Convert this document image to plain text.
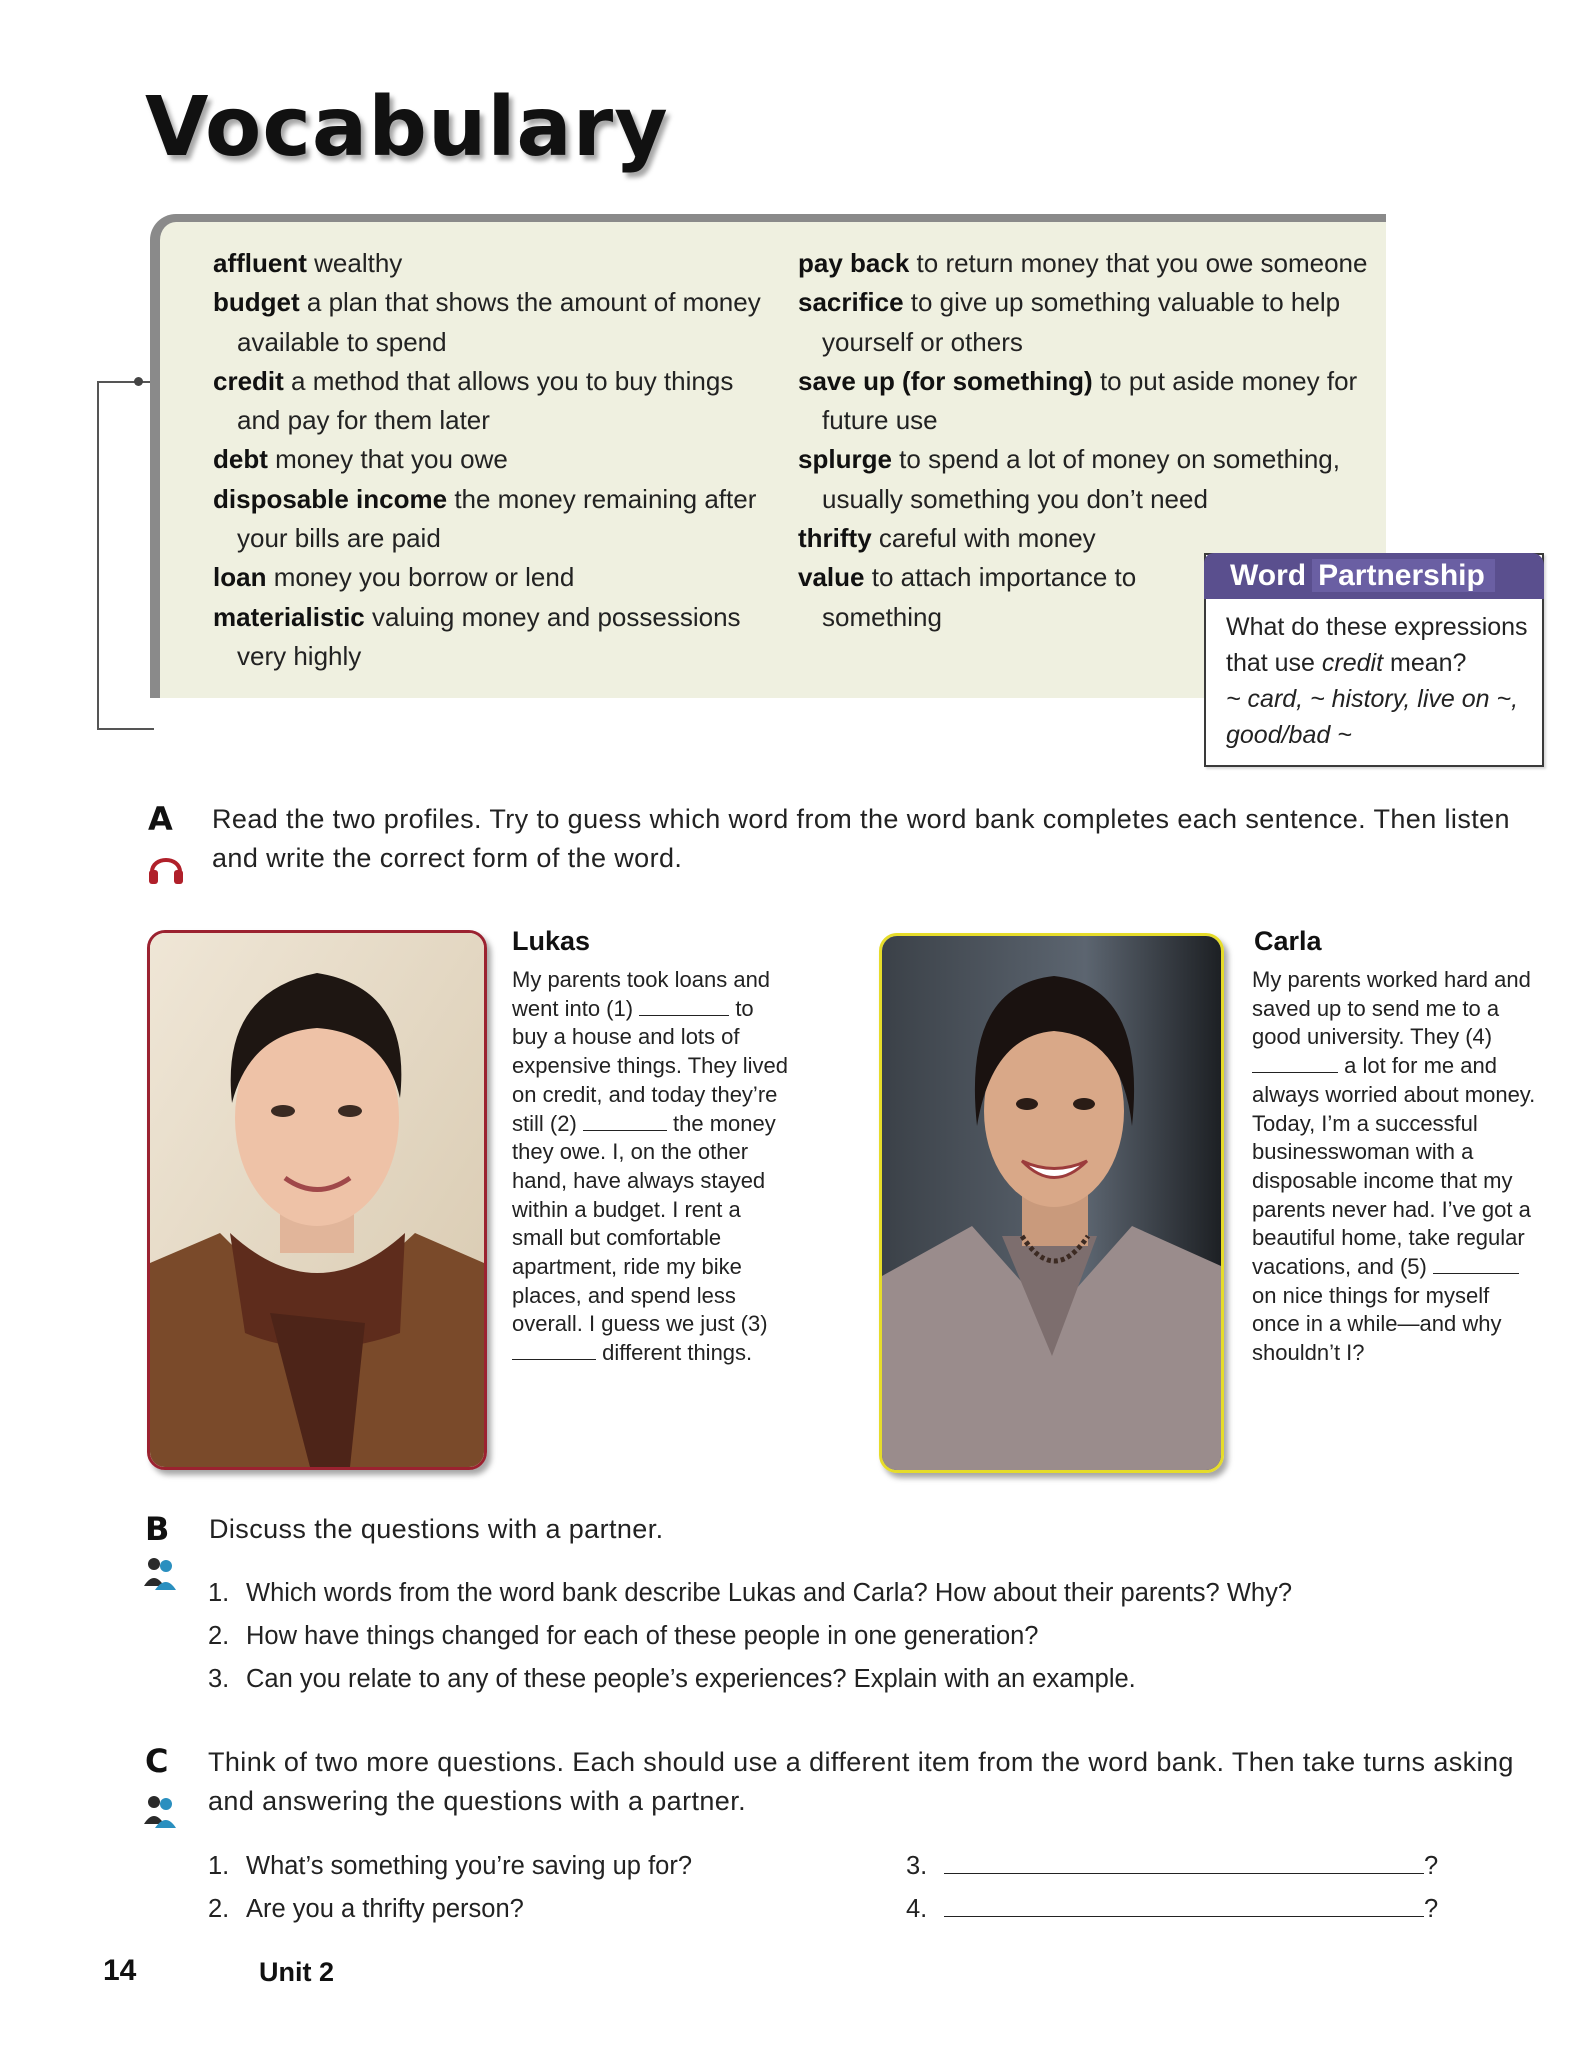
Vocabulary
affluent wealthy
budget a plan that shows the amount of money available to spend
credit a method that allows you to buy things and pay for them later
debt money that you owe
disposable income the money remaining after your bills are paid
loan money you borrow or lend
materialistic valuing money and possessions very highly
pay back to return money that you owe someone
sacrifice to give up something valuable to help yourself or others
save up (for something) to put aside money for future use
splurge to spend a lot of money on something, usually something you don’t need
thrifty careful with money
value to attach importance to something
Word Partnership
What do these expressions that use credit mean?
~ card, ~ history, live on ~, good/bad ~
A Read the two profiles. Try to guess which word from the word bank completes each sentence. Then listen and write the correct form of the word.
Lukas
My parents took loans and went into (1)	to buy a house and lots of expensive things. They lived on credit, and today they’re still (2)	the money they owe. I, on the other hand, have always stayed within a budget. I rent a small but comfortable apartment, ride my bike places, and spend less overall. I guess we just (3)  different things.
Carla
My parents worked hard and saved up to send me to a good university. They (4)  a lot for me and always worried about money. Today, I’m a successful businesswoman with a disposable income that my parents never had. I’ve got a beautiful home, take regular vacations, and (5)  on nice things for myself once in a while—and why shouldn’t I?
B Discuss the questions with a partner.
1. Which words from the word bank describe Lukas and Carla? How about their parents? Why?
2. How have things changed for each of these people in one generation?
3. Can you relate to any of these people’s experiences? Explain with an example.
C Think of two more questions. Each should use a different item from the word bank. Then take turns asking and answering the questions with a partner.
1. What’s something you’re saving up for?
2. Are you a thrifty person?
3.	?
4.	?
14	Unit 2
